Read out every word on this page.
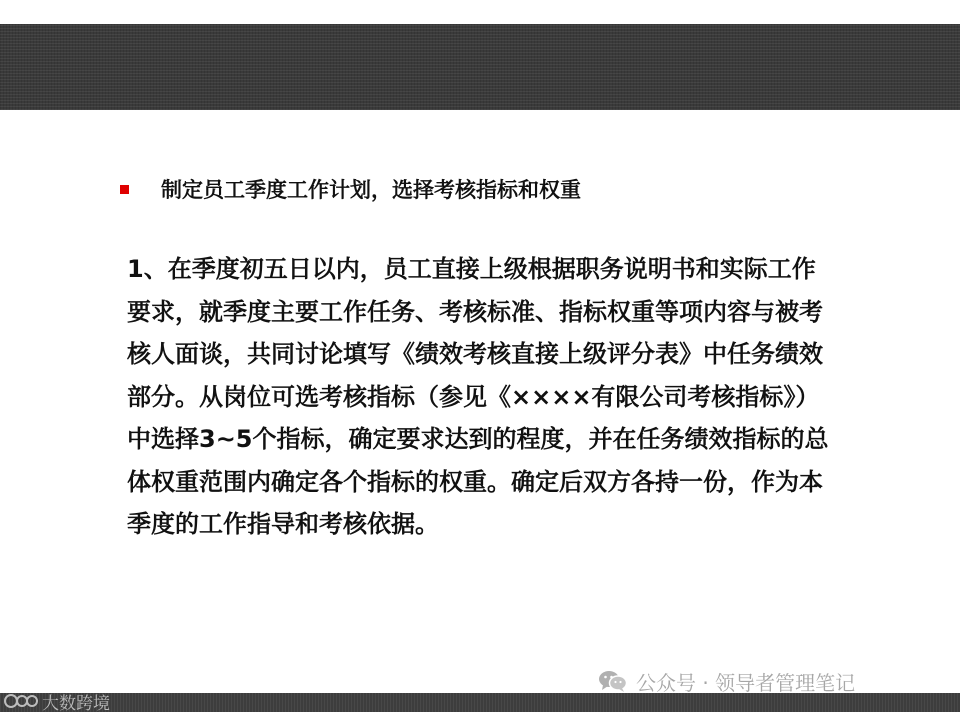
制定员工季度工作计划，选择考核指标和权重
1、在季度初五日以内，员工直接上级根据职务说明书和实际工作
要求，就季度主要工作任务、考核标准、指标权重等项内容与被考
核人面谈，共同讨论填写《绩效考核直接上级评分表》中任务绩效
部分。从岗位可选考核指标（参见《××××有限公司考核指标》）
中选择3~5个指标，确定要求达到的程度，并在任务绩效指标的总
体权重范围内确定各个指标的权重。确定后双方各持一份，作为本
季度的工作指导和考核依据。
大数跨境
公众号 · 领导者管理笔记
